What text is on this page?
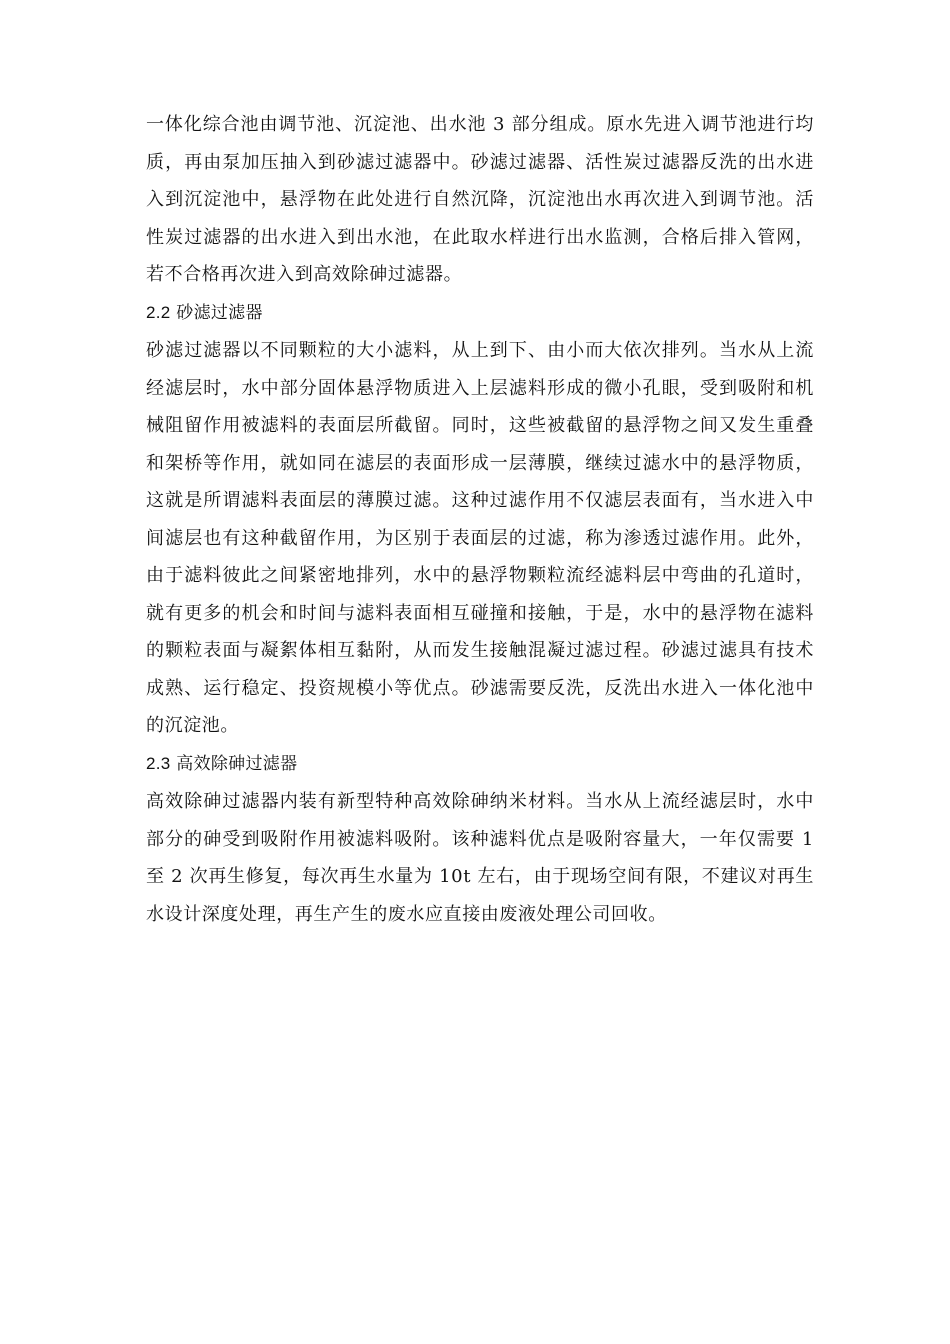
一体化综合池由调节池、沉淀池、出水池 3 部分组成。原水先进入调节池进行均质，再由泵加压抽入到砂滤过滤器中。砂滤过滤器、活性炭过滤器反洗的出水进入到沉淀池中，悬浮物在此处进行自然沉降，沉淀池出水再次进入到调节池。活性炭过滤器的出水进入到出水池，在此取水样进行出水监测，合格后排入管网，若不合格再次进入到高效除砷过滤器。

2.2 砂滤过滤器

砂滤过滤器以不同颗粒的大小滤料，从上到下、由小而大依次排列。当水从上流经滤层时，水中部分固体悬浮物质进入上层滤料形成的微小孔眼，受到吸附和机械阻留作用被滤料的表面层所截留。同时，这些被截留的悬浮物之间又发生重叠和架桥等作用，就如同在滤层的表面形成一层薄膜，继续过滤水中的悬浮物质，这就是所谓滤料表面层的薄膜过滤。这种过滤作用不仅滤层表面有，当水进入中间滤层也有这种截留作用，为区别于表面层的过滤，称为渗透过滤作用。此外，由于滤料彼此之间紧密地排列，水中的悬浮物颗粒流经滤料层中弯曲的孔道时，就有更多的机会和时间与滤料表面相互碰撞和接触，于是，水中的悬浮物在滤料的颗粒表面与凝絮体相互黏附，从而发生接触混凝过滤过程。砂滤过滤具有技术成熟、运行稳定、投资规模小等优点。砂滤需要反洗，反洗出水进入一体化池中的沉淀池。

2.3 高效除砷过滤器

高效除砷过滤器内装有新型特种高效除砷纳米材料。当水从上流经滤层时，水中部分的砷受到吸附作用被滤料吸附。该种滤料优点是吸附容量大，一年仅需要 1 至 2 次再生修复，每次再生水量为 10t 左右，由于现场空间有限，不建议对再生水设计深度处理，再生产生的废水应直接由废液处理公司回收。
